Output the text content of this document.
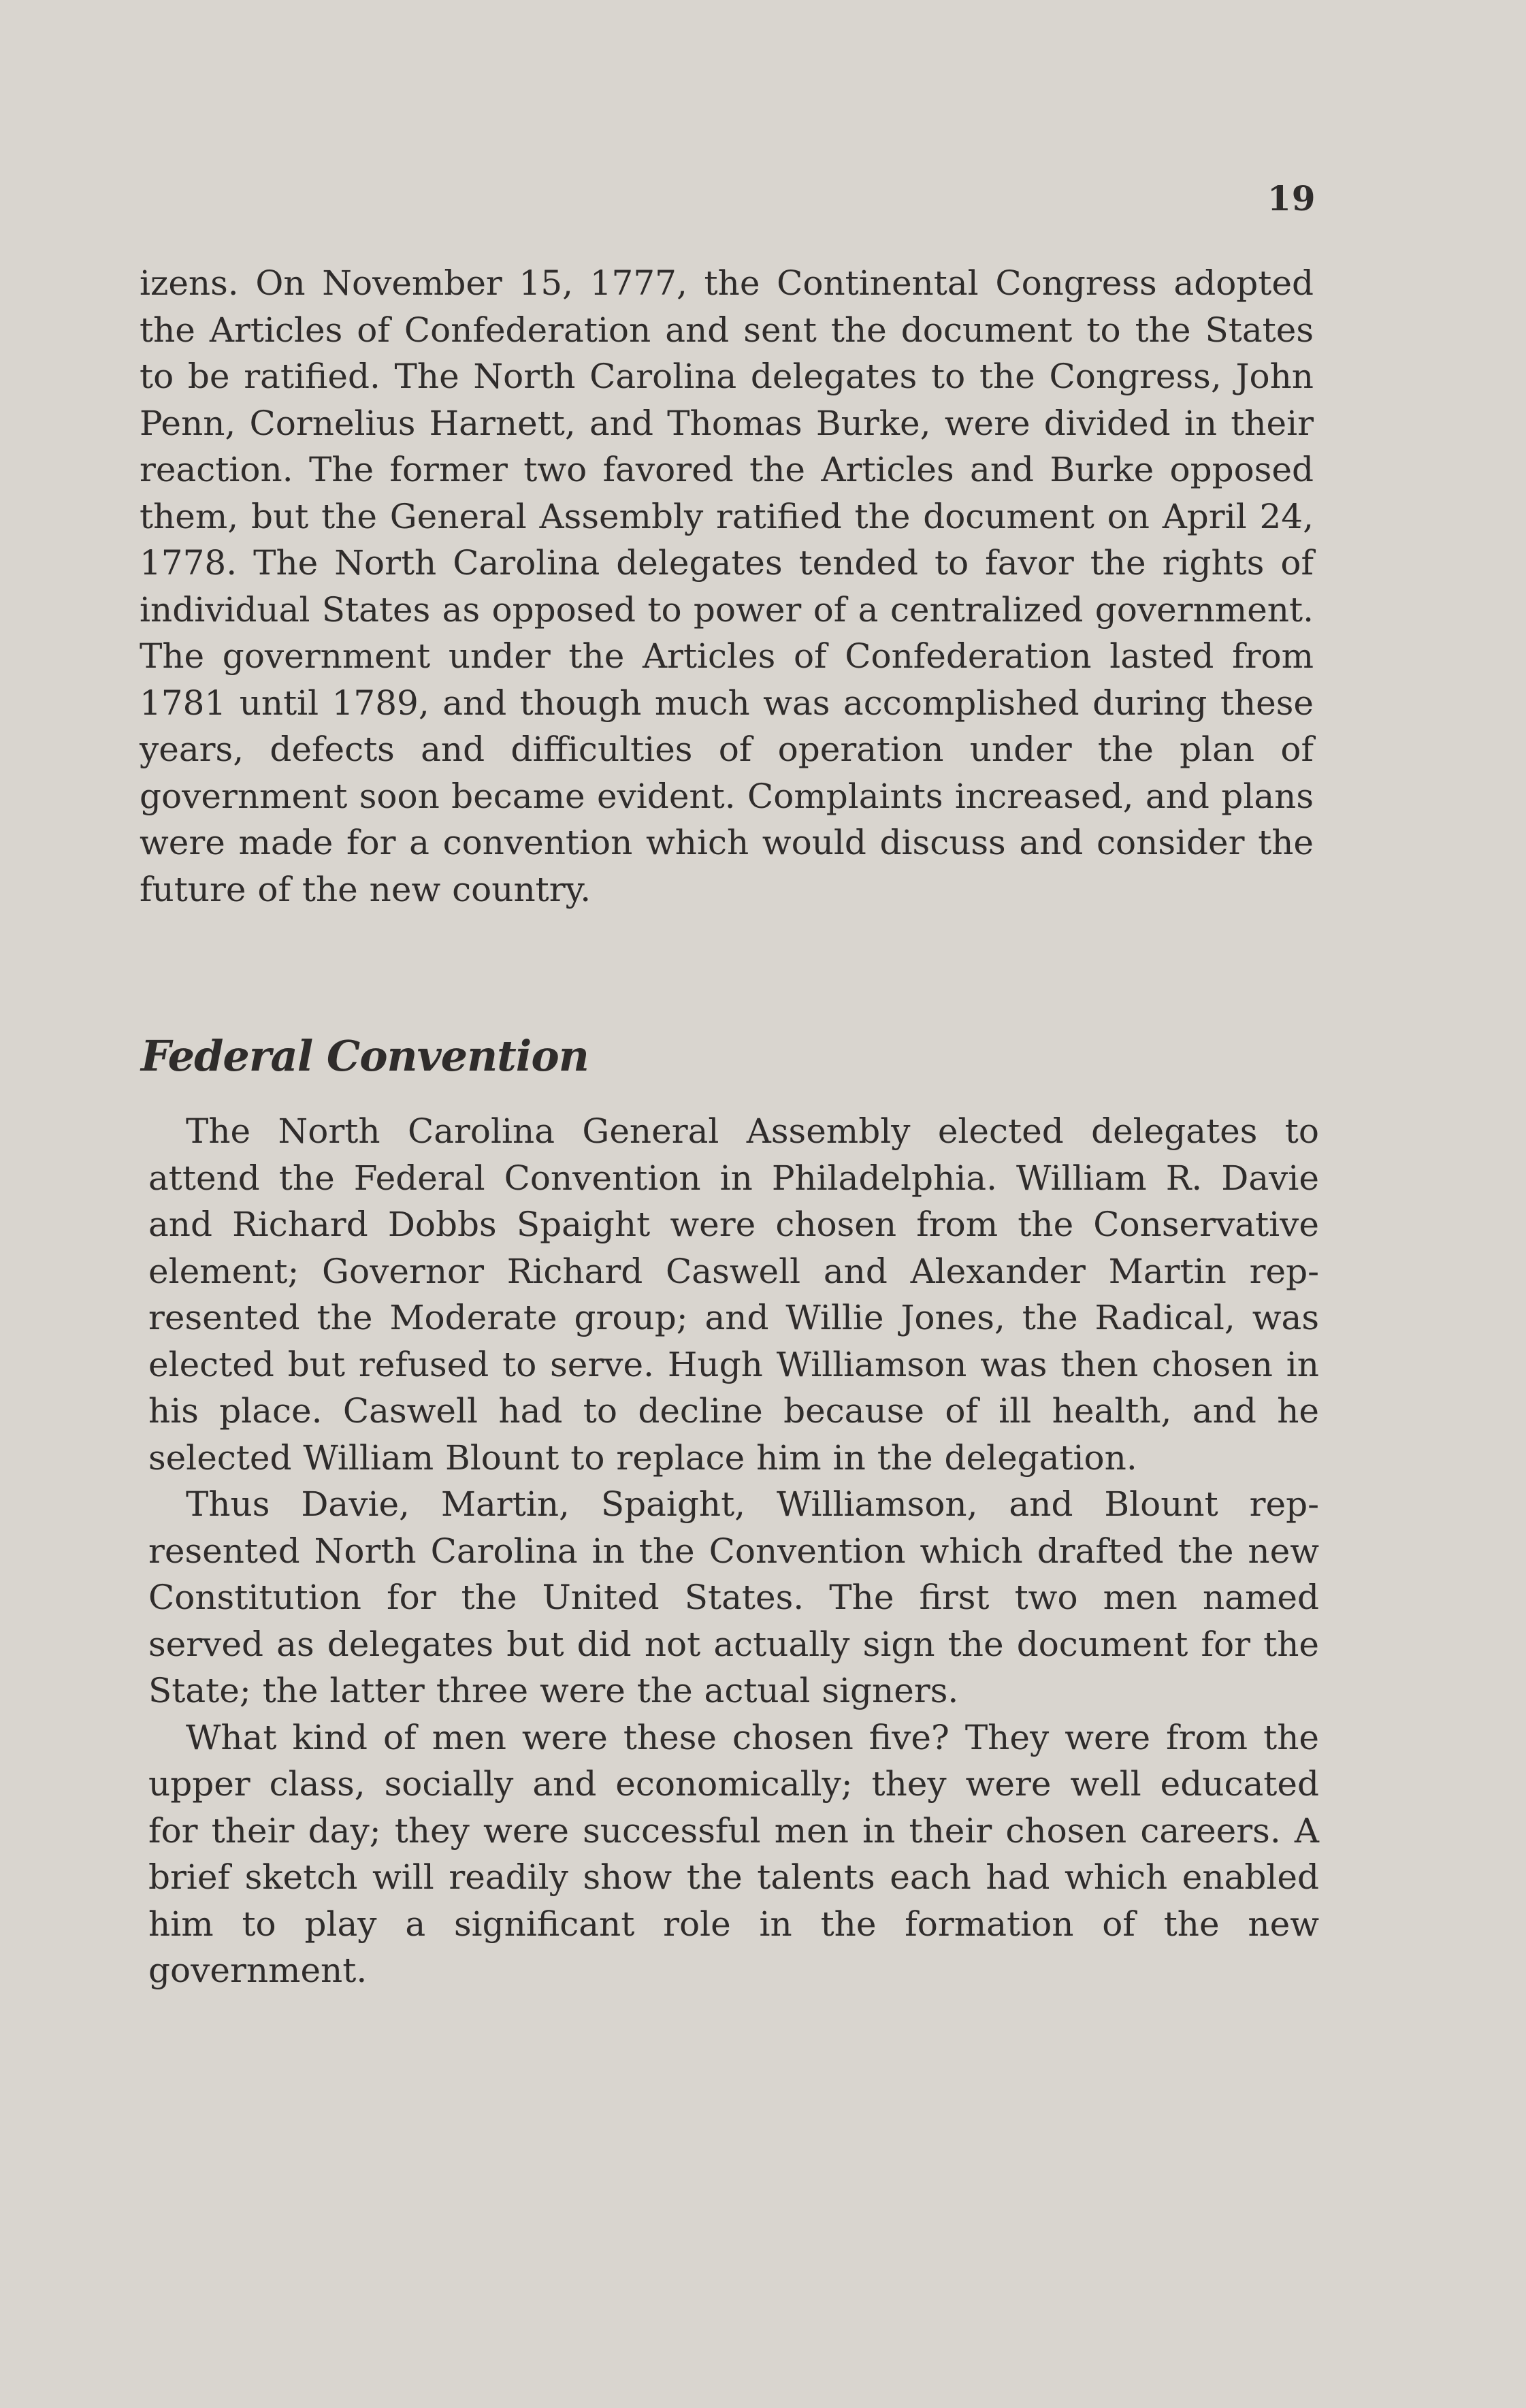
19

izens. On November 15, 1777, the Continental Congress adopted the Articles of Confederation and sent the document to the States to be ratified. The North Carolina delegates to the Congress, John Penn, Cornelius Harnett, and Thomas Burke, were divided in their reaction. The former two favored the Articles and Burke opposed them, but the General Assembly ratified the document on April 24, 1778. The North Carolina delegates tended to favor the rights of individual States as opposed to power of a centralized government. The government under the Articles of Confederation lasted from 1781 until 1789, and though much was accomplished during these years, defects and difficulties of operation under the plan of government soon became evident. Complaints increased, and plans were made for a convention which would discuss and consider the future of the new country.

Federal Convention

The North Carolina General Assembly elected delegates to attend the Federal Convention in Philadelphia. William R. Davie and Richard Dobbs Spaight were chosen from the Conservative element; Governor Richard Caswell and Alexander Martin represented the Moderate group; and Willie Jones, the Radical, was elected but refused to serve. Hugh Williamson was then chosen in his place. Caswell had to decline because of ill health, and he selected William Blount to replace him in the delegation.

Thus Davie, Martin, Spaight, Williamson, and Blount represented North Carolina in the Convention which drafted the new Constitution for the United States. The first two men named served as delegates but did not actually sign the document for the State; the latter three were the actual signers.

What kind of men were these chosen five? They were from the upper class, socially and economically; they were well educated for their day; they were successful men in their chosen careers. A brief sketch will readily show the talents each had which enabled him to play a significant role in the formation of the new government.
